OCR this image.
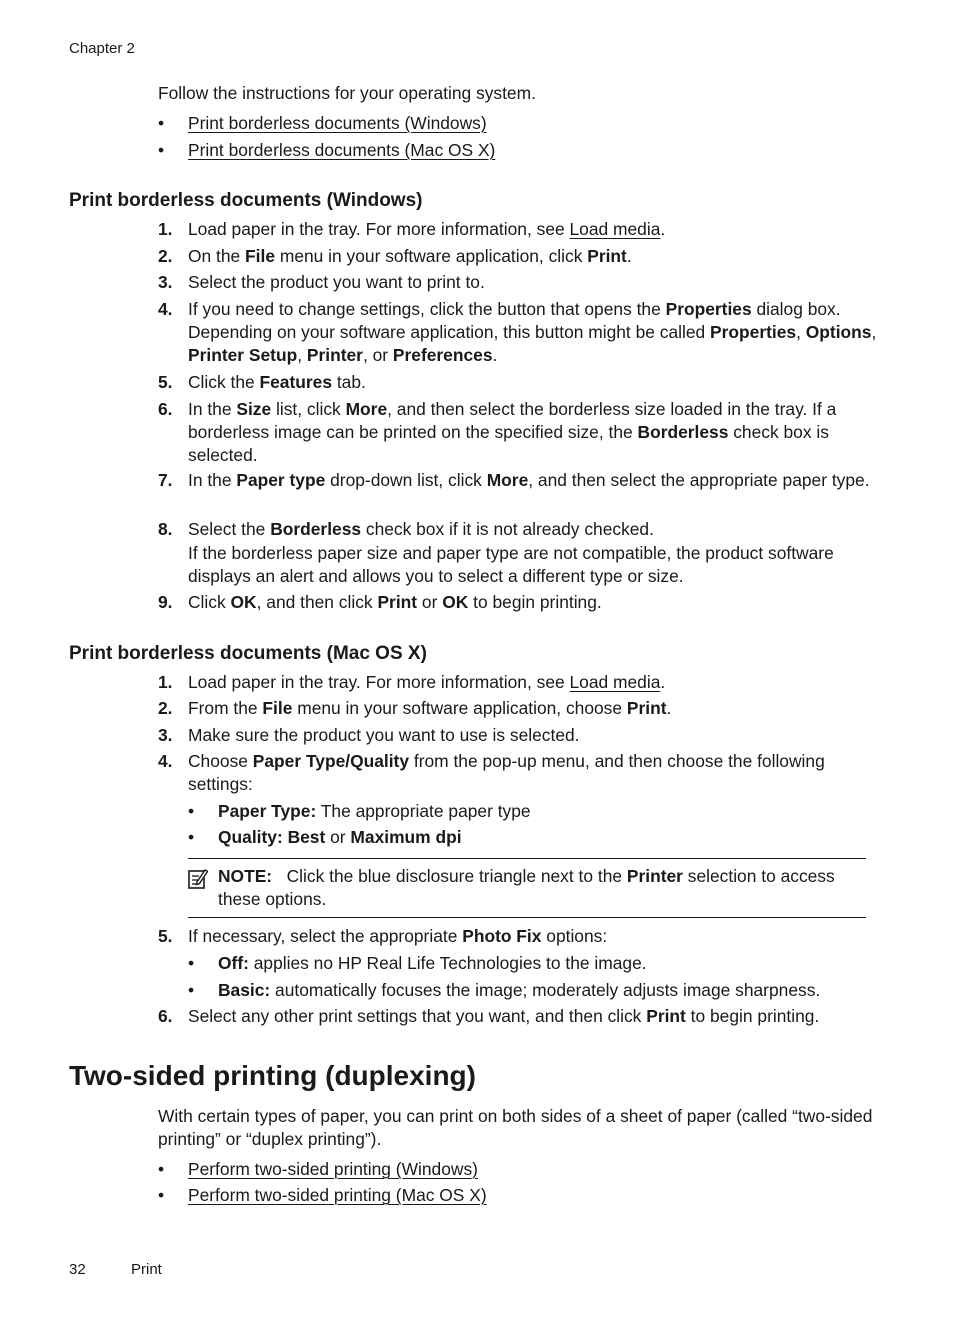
Chapter 2

Follow the instructions for your operating system.

• Print borderless documents (Windows)
• Print borderless documents (Mac OS X)
Print borderless documents (Windows)
1. Load paper in the tray. For more information, see Load media.
2. On the File menu in your software application, click Print.
3. Select the product you want to print to.
4. If you need to change settings, click the button that opens the Properties dialog box. Depending on your software application, this button might be called Properties, Options, Printer Setup, Printer, or Preferences.
5. Click the Features tab.
6. In the Size list, click More, and then select the borderless size loaded in the tray. If a borderless image can be printed on the specified size, the Borderless check box is selected.
7. In the Paper type drop-down list, click More, and then select the appropriate paper type.
8. Select the Borderless check box if it is not already checked.
If the borderless paper size and paper type are not compatible, the product software displays an alert and allows you to select a different type or size.
9. Click OK, and then click Print or OK to begin printing.
Print borderless documents (Mac OS X)
1. Load paper in the tray. For more information, see Load media.
2. From the File menu in your software application, choose Print.
3. Make sure the product you want to use is selected.
4. Choose Paper Type/Quality from the pop-up menu, and then choose the following settings:
• Paper Type: The appropriate paper type
• Quality: Best or Maximum dpi
NOTE: Click the blue disclosure triangle next to the Printer selection to access these options.
5. If necessary, select the appropriate Photo Fix options:
• Off: applies no HP Real Life Technologies to the image.
• Basic: automatically focuses the image; moderately adjusts image sharpness.
6. Select any other print settings that you want, and then click Print to begin printing.
Two-sided printing (duplexing)

With certain types of paper, you can print on both sides of a sheet of paper (called “two-sided printing” or “duplex printing”).

• Perform two-sided printing (Windows)
• Perform two-sided printing (Mac OS X)
32	Print
